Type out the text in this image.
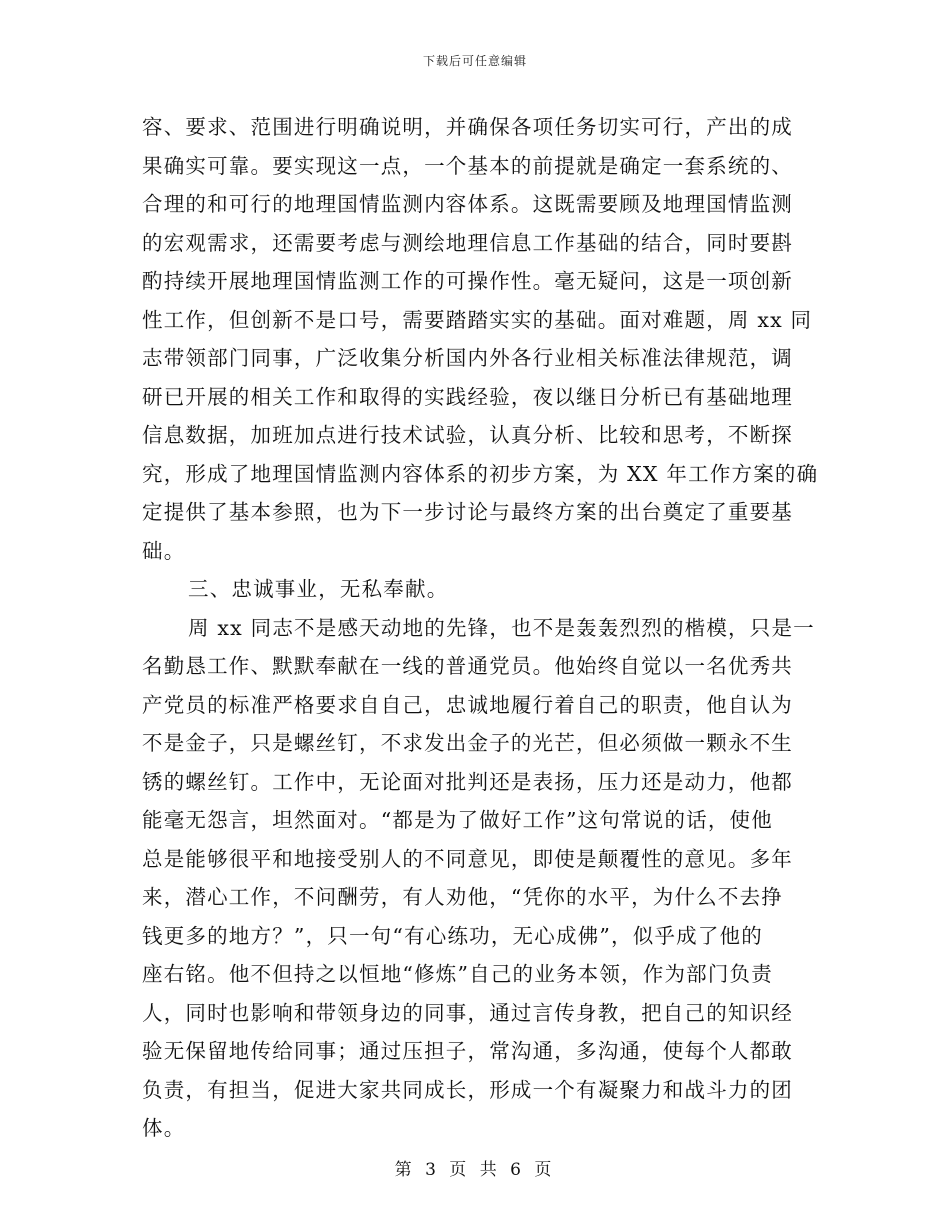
下载后可任意编辑
容、要求、范围进行明确说明，并确保各项任务切实可行，产出的成
果确实可靠。要实现这一点，一个基本的前提就是确定一套系统的、
合理的和可行的地理国情监测内容体系。这既需要顾及地理国情监测
的宏观需求，还需要考虑与测绘地理信息工作基础的结合，同时要斟
酌持续开展地理国情监测工作的可操作性。毫无疑问，这是一项创新
性工作，但创新不是口号，需要踏踏实实的基础。面对难题，周 xx 同
志带领部门同事，广泛收集分析国内外各行业相关标准法律规范，调
研已开展的相关工作和取得的实践经验，夜以继日分析已有基础地理
信息数据，加班加点进行技术试验，认真分析、比较和思考，不断探
究，形成了地理国情监测内容体系的初步方案，为 XX 年工作方案的确
定提供了基本参照，也为下一步讨论与最终方案的出台奠定了重要基
础。
三、忠诚事业，无私奉献。
周 xx 同志不是感天动地的先锋，也不是轰轰烈烈的楷模，只是一
名勤恳工作、默默奉献在一线的普通党员。他始终自觉以一名优秀共
产党员的标准严格要求自自己，忠诚地履行着自己的职责，他自认为
不是金子，只是螺丝钉，不求发出金子的光芒，但必须做一颗永不生
锈的螺丝钉。工作中，无论面对批判还是表扬，压力还是动力，他都
能毫无怨言，坦然面对。“都是为了做好工作”这句常说的话，使他
总是能够很平和地接受别人的不同意见，即使是颠覆性的意见。多年
来，潜心工作，不问酬劳，有人劝他，“凭你的水平，为什么不去挣
钱更多的地方？”，只一句“有心练功，无心成佛”，似乎成了他的
座右铭。他不但持之以恒地“修炼”自己的业务本领，作为部门负责
人，同时也影响和带领身边的同事，通过言传身教，把自己的知识经
验无保留地传给同事；通过压担子，常沟通，多沟通，使每个人都敢
负责，有担当，促进大家共同成长，形成一个有凝聚力和战斗力的团
体。
第 3 页 共 6 页
